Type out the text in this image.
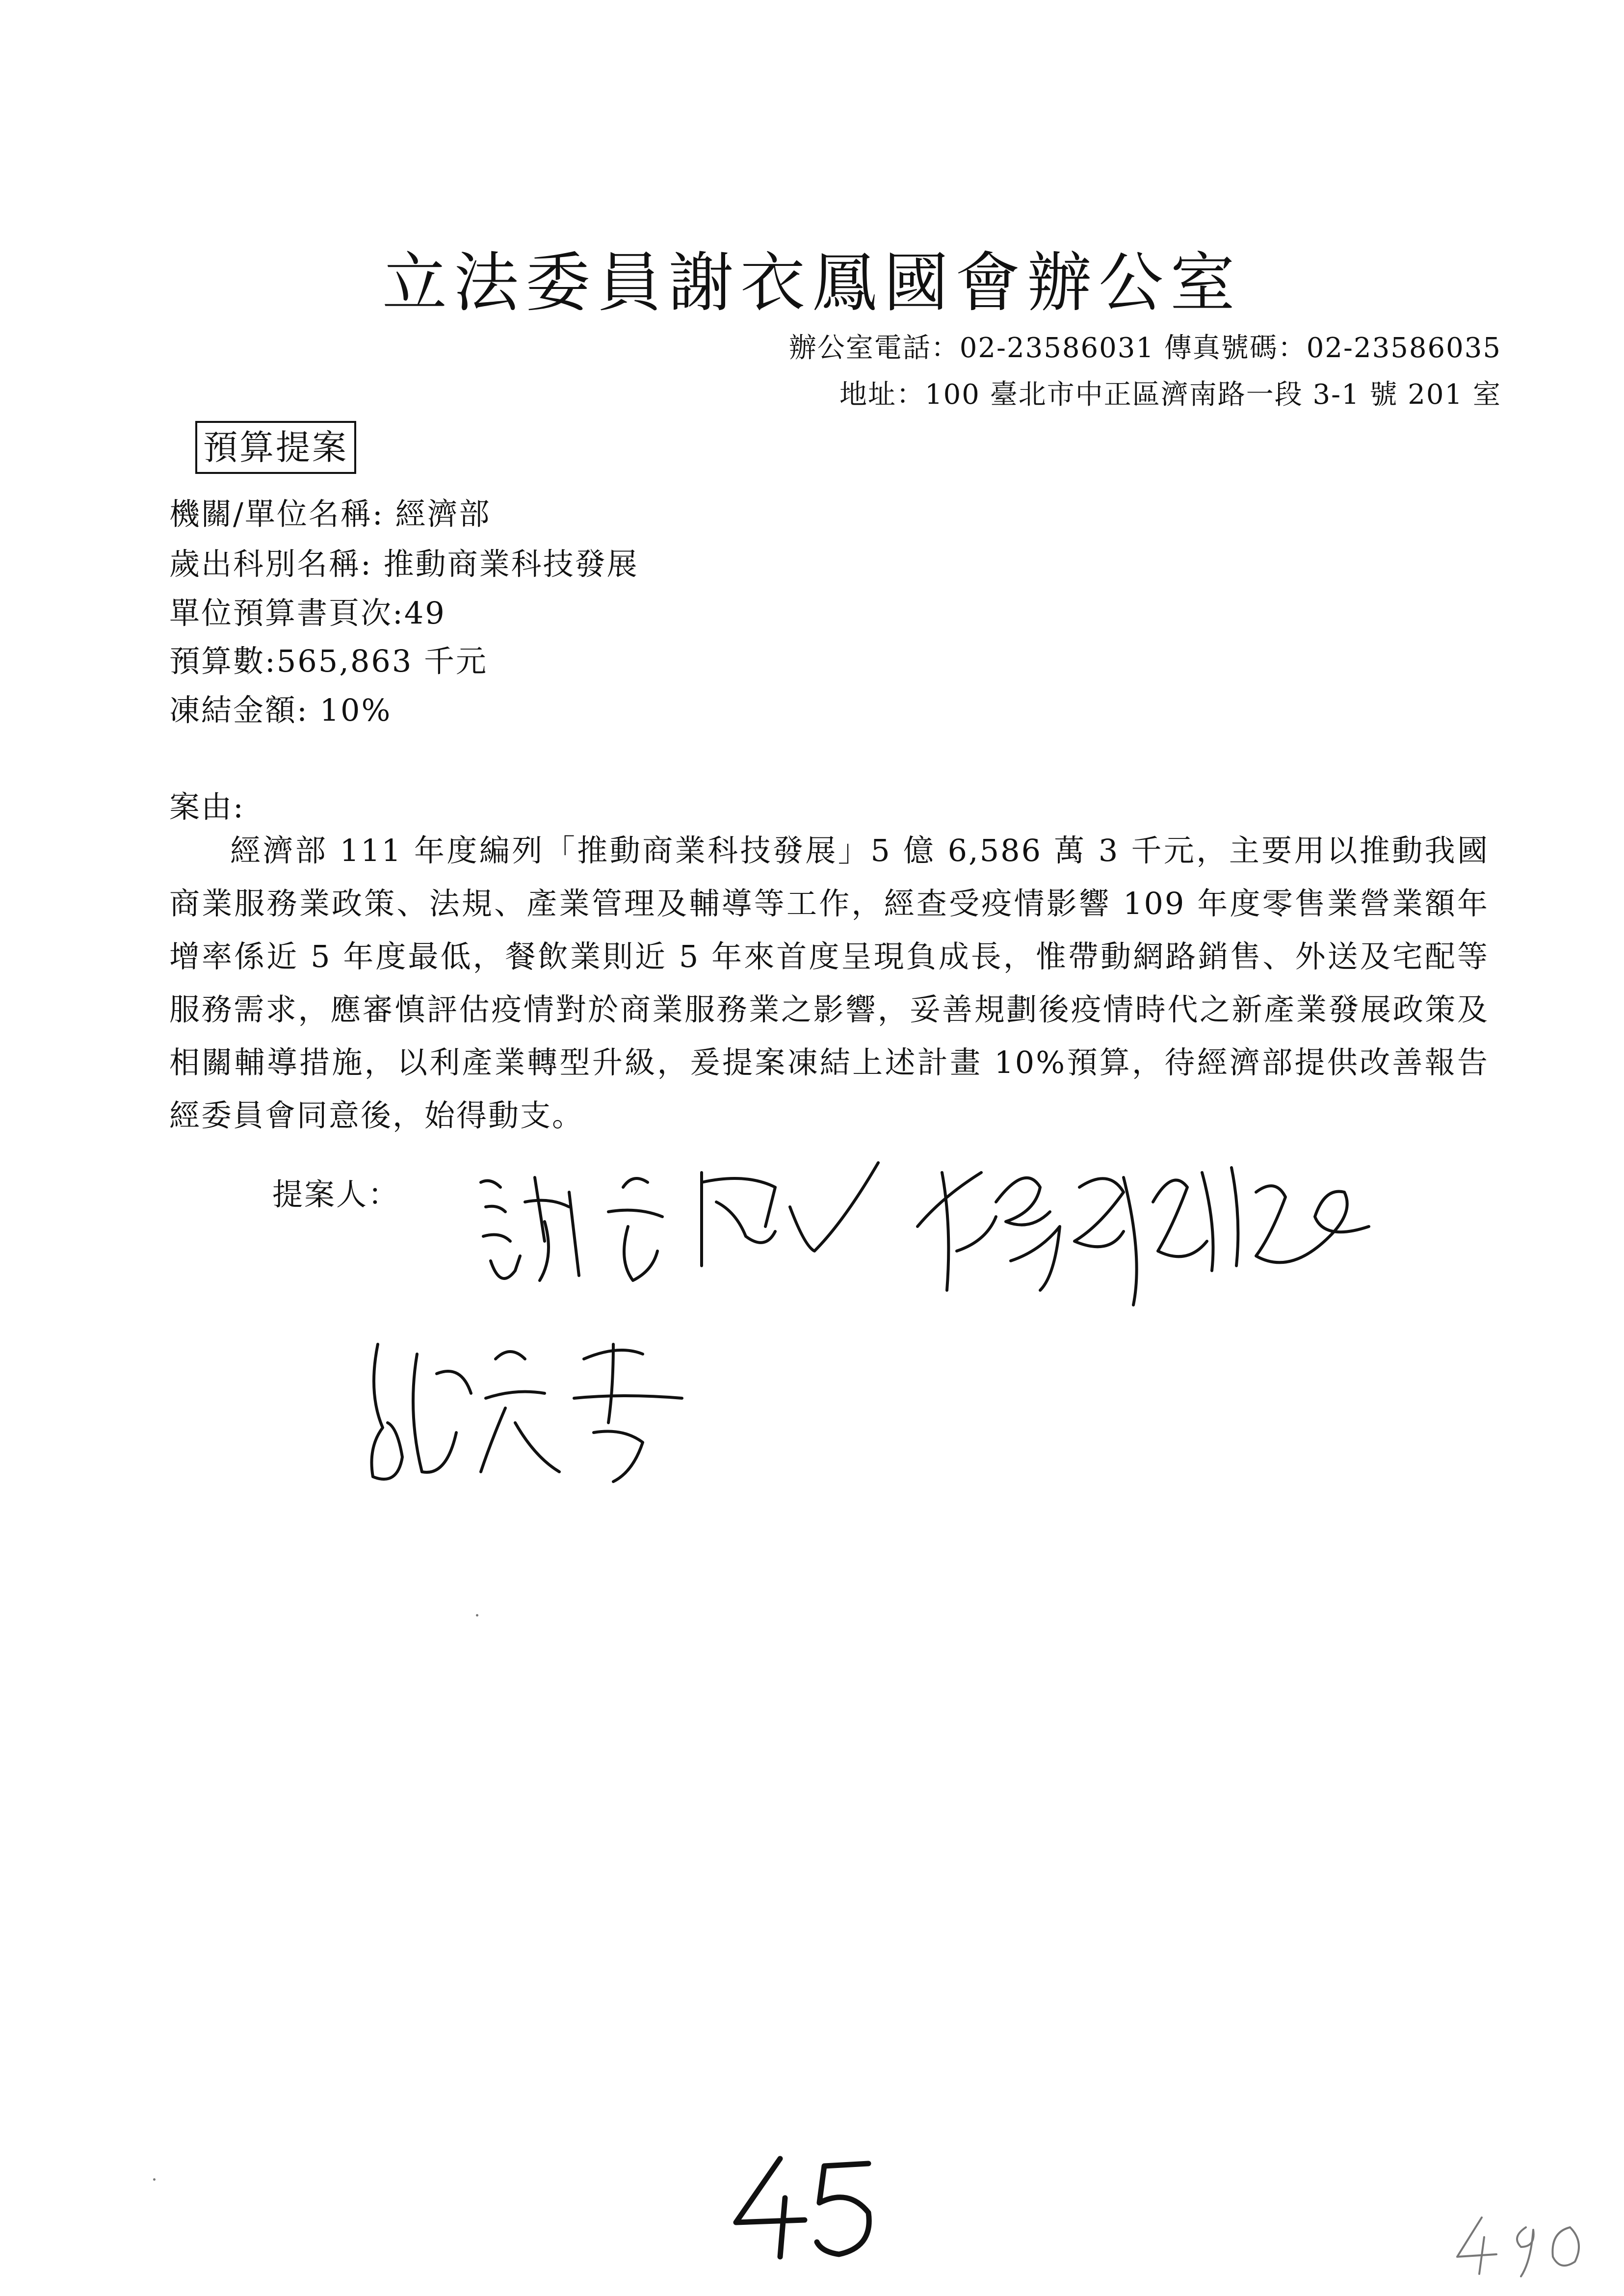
立法委員謝衣鳳國會辦公室
辦公室電話：02-23586031 傳真號碼：02-23586035
地址：100 臺北市中正區濟南路一段 3-1 號 201 室
預算提案
機關/單位名稱: 經濟部
歲出科別名稱: 推動商業科技發展
單位預算書頁次:49
預算數:565,863 千元
凍結金額: 10%
案由:
經濟部 111 年度編列「推動商業科技發展」5 億 6,586 萬 3 千元，主要用以推動我國商業服務業政策、法規、產業管理及輔導等工作，經查受疫情影響 109 年度零售業營業額年增率係近 5 年度最低，餐飲業則近 5 年來首度呈現負成長，惟帶動網路銷售、外送及宅配等服務需求，應審慎評估疫情對於商業服務業之影響，妥善規劃後疫情時代之新產業發展政策及相關輔導措施，以利產業轉型升級，爰提案凍結上述計畫 10%預算，待經濟部提供改善報告經委員會同意後，始得動支。
提案人：
